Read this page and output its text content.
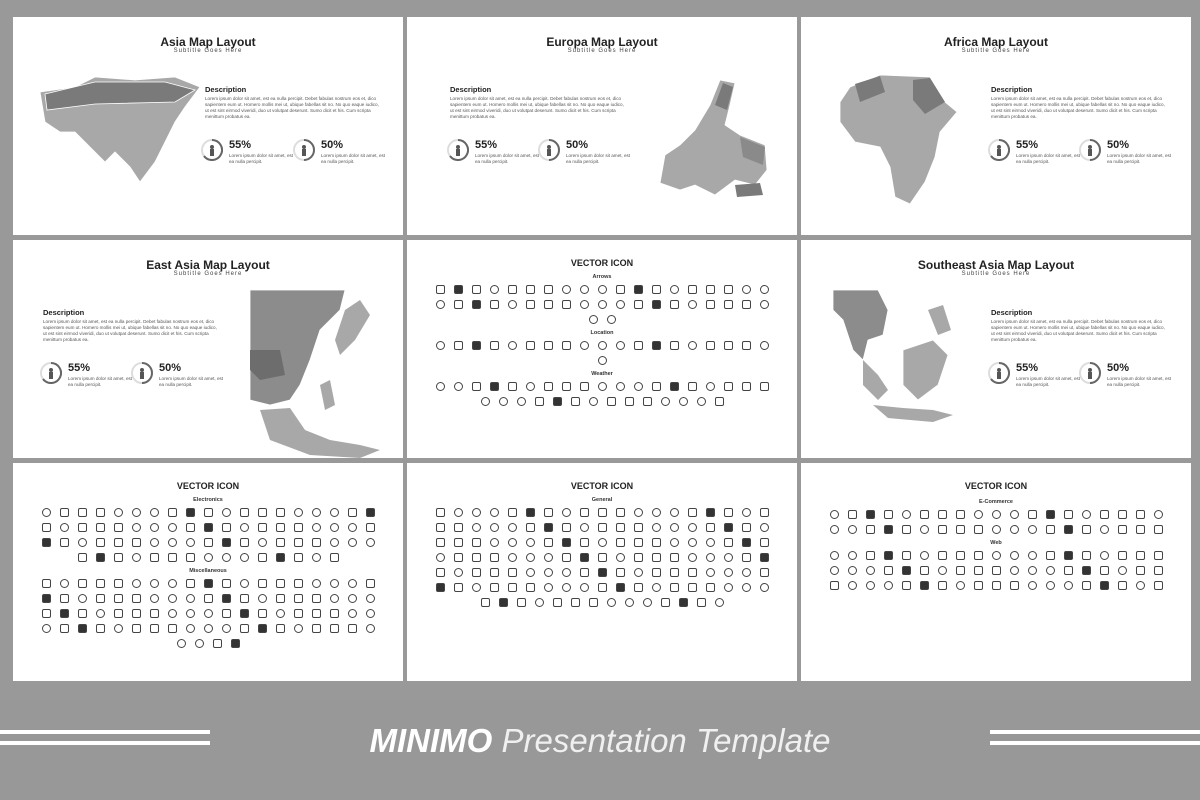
Asia Map Layout
Subtitle Goes Here
Description

Lorem ipsum dolor sit amet, est ea nulla percipit. Debet fabulas nostrum eos et, dico sapientem eum ut. Homero mollis mei ut, ubique fabellas sit no. No quo eaque iudico, ut est sint eirmod viveridi, duo ut volutpat deserunt. Sumo dicit et his. Cum scripta menittum probatus ea.

55%
Lorem ipsum dolor sit amet, est ea nulla percipit.
50%
Lorem ipsum dolor sit amet, est ea nulla percipit.
Europa Map Layout
Subtitle Goes Here
Description

Lorem ipsum dolor sit amet, est ea nulla percipit. Debet fabulas nostrum eos et, dico sapientem eum ut. Homero mollis mei ut, ubique fabellas sit no. No quo eaque iudico, ut est sint eirmod viveridi, duo ut volutpat deserunt. Sumo dicit et his. Cum scripta menittum probatus ea.

55%
Lorem ipsum dolor sit amet, est ea nulla percipit.
50%
Lorem ipsum dolor sit amet, est ea nulla percipit.
Africa Map Layout
Subtitle Goes Here
Description

Lorem ipsum dolor sit amet, est ea nulla percipit. Debet fabulas nostrum eos et, dico sapientem eum ut. Homero mollis mei ut, ubique fabellas sit no. No quo eaque iudico, ut est sint eirmod viveridi, duo ut volutpat deserunt. Sumo dicit et his. Cum scripta menittum probatus ea.

55%
Lorem ipsum dolor sit amet, est ea nulla percipit.
50%
Lorem ipsum dolor sit amet, est ea nulla percipit.
East Asia Map Layout
Subtitle Goes Here
Description

Lorem ipsum dolor sit amet, est ea nulla percipit. Debet fabulas nostrum eos et, dico sapientem eum ut. Homero mollis mei ut, ubique fabellas sit no. No quo eaque iudico, ut est sint eirmod viveridi, duo ut volutpat deserunt. Sumo dicit et his. Cum scripta menittum probatus ea.

55%
Lorem ipsum dolor sit amet, est ea nulla percipit.
50%
Lorem ipsum dolor sit amet, est ea nulla percipit.
Southeast Asia Map Layout
Subtitle Goes Here
Description

Lorem ipsum dolor sit amet, est ea nulla percipit. Debet fabulas nostrum eos et, dico sapientem eum ut. Homero mollis mei ut, ubique fabellas sit no. No quo eaque iudico, ut est sint eirmod viveridi, duo ut volutpat deserunt. Sumo dicit et his. Cum scripta menittum probatus ea.

55%
Lorem ipsum dolor sit amet, est ea nulla percipit.
50%
Lorem ipsum dolor sit amet, est ea nulla percipit.
VECTOR ICON
Arrows
Location
Weather
VECTOR ICON
Electronics
Miscellaneous
VECTOR ICON
General
VECTOR ICON
E-Commerce
Web
MINIMO Presentation Template
